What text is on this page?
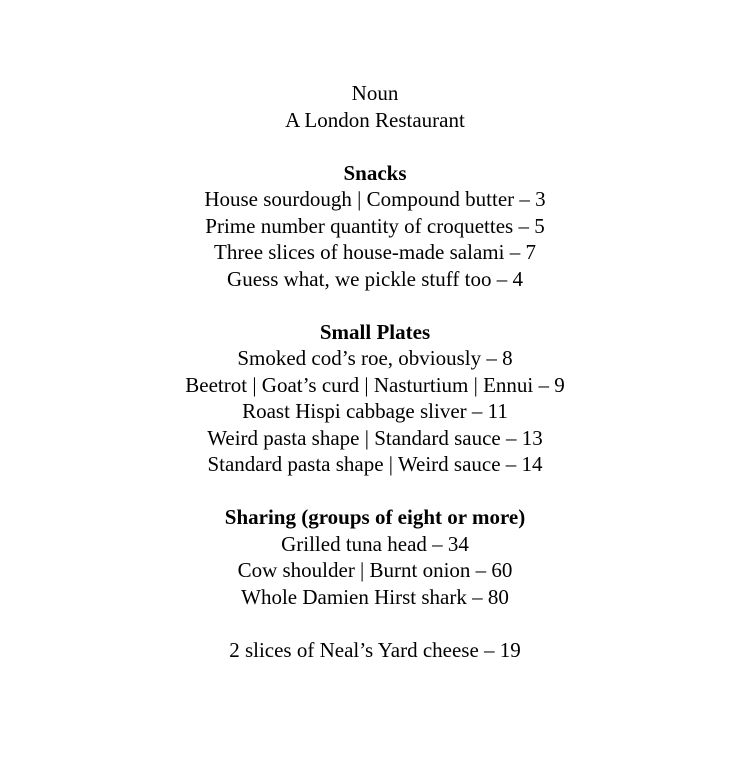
Noun
A London Restaurant
Snacks
House sourdough | Compound butter – 3
Prime number quantity of croquettes – 5
Three slices of house-made salami – 7
Guess what, we pickle stuff too – 4
Small Plates
Smoked cod’s roe, obviously – 8
Beetrot | Goat’s curd | Nasturtium | Ennui – 9
Roast Hispi cabbage sliver – 11
Weird pasta shape | Standard sauce – 13
Standard pasta shape | Weird sauce – 14
Sharing (groups of eight or more)
Grilled tuna head – 34
Cow shoulder | Burnt onion – 60
Whole Damien Hirst shark – 80
2 slices of Neal’s Yard cheese – 19
